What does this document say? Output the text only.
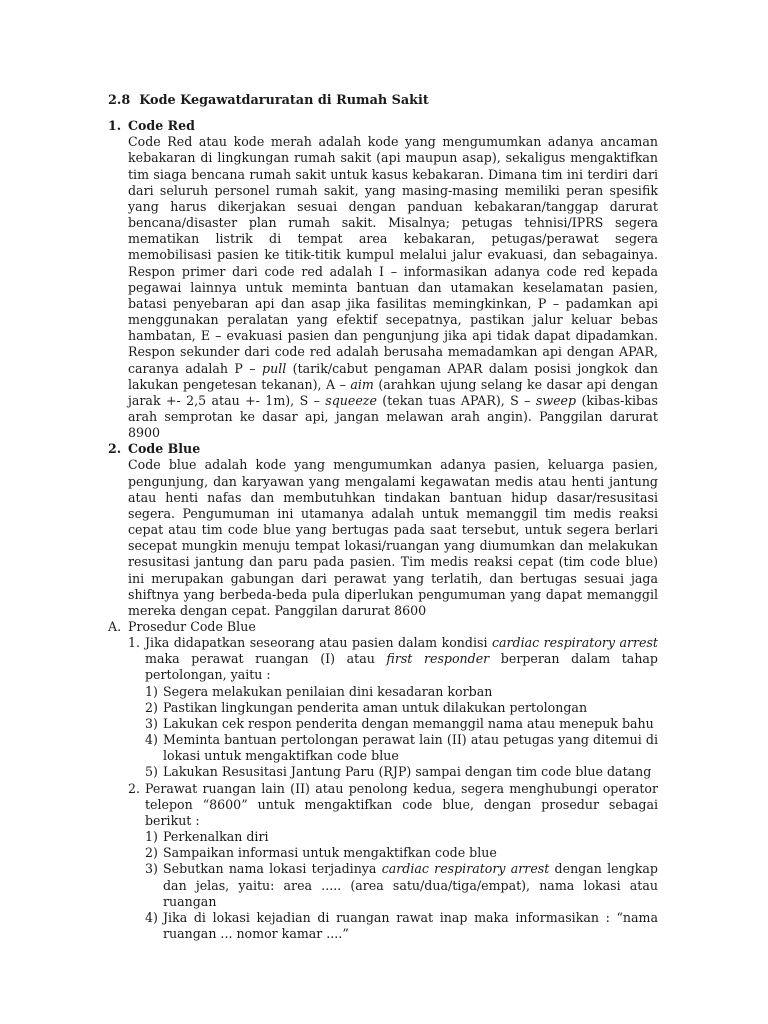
2.8 Kode Kegawatdaruratan di Rumah Sakit
1. Code Red
Code Red atau kode merah adalah kode yang mengumumkan adanya ancaman kebakaran di lingkungan rumah sakit (api maupun asap), sekaligus mengaktifkan tim siaga bencana rumah sakit untuk kasus kebakaran. Dimana tim ini terdiri dari dari seluruh personel rumah sakit, yang masing-masing memiliki peran spesifik yang harus dikerjakan sesuai dengan panduan kebakaran/tanggap darurat bencana/disaster plan rumah sakit. Misalnya; petugas tehnisi/IPRS segera mematikan listrik di tempat area kebakaran, petugas/perawat segera memobilisasi pasien ke titik-titik kumpul melalui jalur evakuasi, dan sebagainya. Respon primer dari code red adalah I – informasikan adanya code red kepada pegawai lainnya untuk meminta bantuan dan utamakan keselamatan pasien, batasi penyebaran api dan asap jika fasilitas memingkinkan, P – padamkan api menggunakan peralatan yang efektif secepatnya, pastikan jalur keluar bebas hambatan, E – evakuasi pasien dan pengunjung jika api tidak dapat dipadamkan. Respon sekunder dari code red adalah berusaha memadamkan api dengan APAR, caranya adalah P – pull (tarik/cabut pengaman APAR dalam posisi jongkok dan lakukan pengetesan tekanan), A – aim (arahkan ujung selang ke dasar api dengan jarak +- 2,5 atau +- 1m), S – squeeze (tekan tuas APAR), S – sweep (kibas-kibas arah semprotan ke dasar api, jangan melawan arah angin). Panggilan darurat 8900
2. Code Blue
Code blue adalah kode yang mengumumkan adanya pasien, keluarga pasien, pengunjung, dan karyawan yang mengalami kegawatan medis atau henti jantung atau henti nafas dan membutuhkan tindakan bantuan hidup dasar/resusitasi segera. Pengumuman ini utamanya adalah untuk memanggil tim medis reaksi cepat atau tim code blue yang bertugas pada saat tersebut, untuk segera berlari secepat mungkin menuju tempat lokasi/ruangan yang diumumkan dan melakukan resusitasi jantung dan paru pada pasien. Tim medis reaksi cepat (tim code blue) ini merupakan gabungan dari perawat yang terlatih, dan bertugas sesuai jaga shiftnya yang berbeda-beda pula diperlukan pengumuman yang dapat memanggil mereka dengan cepat. Panggilan darurat 8600
A. Prosedur Code Blue
1. Jika didapatkan seseorang atau pasien dalam kondisi cardiac respiratory arrest maka perawat ruangan (I) atau first responder berperan dalam tahap pertolongan, yaitu :
1) Segera melakukan penilaian dini kesadaran korban
2) Pastikan lingkungan penderita aman untuk dilakukan pertolongan
3) Lakukan cek respon penderita dengan memanggil nama atau menepuk bahu
4) Meminta bantuan pertolongan perawat lain (II) atau petugas yang ditemui di lokasi untuk mengaktifkan code blue
5) Lakukan Resusitasi Jantung Paru (RJP) sampai dengan tim code blue datang
2. Perawat ruangan lain (II) atau penolong kedua, segera menghubungi operator telepon “8600” untuk mengaktifkan code blue, dengan prosedur sebagai berikut :
1) Perkenalkan diri
2) Sampaikan informasi untuk mengaktifkan code blue
3) Sebutkan nama lokasi terjadinya cardiac respiratory arrest dengan lengkap dan jelas, yaitu: area ..... (area satu/dua/tiga/empat), nama lokasi atau ruangan
4) Jika di lokasi kejadian di ruangan rawat inap maka informasikan : “nama ruangan ... nomor kamar ....”
